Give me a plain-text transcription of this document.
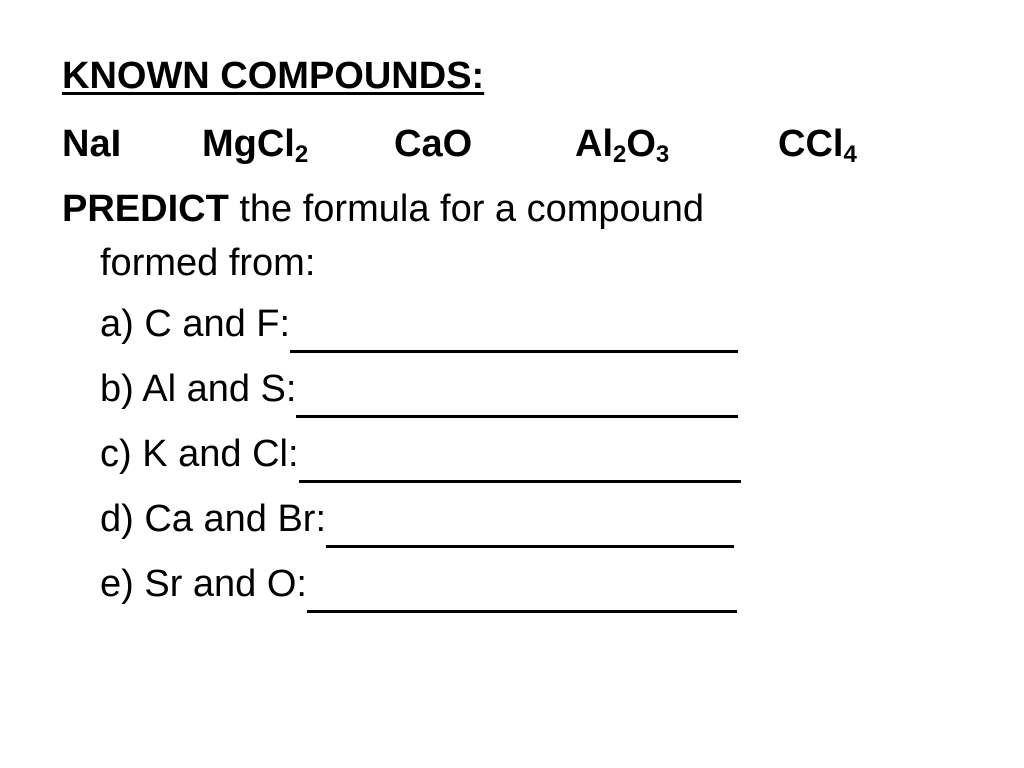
KNOWN COMPOUNDS:
NaI MgCl$_2$ CaO	$Al_2O_3$	CCl$_4$
PREDICT the formula for a compound
formed from:
a) C and F:
b) Al and S:
c) K and Cl:
d) Ca and Br:
e) Sr and O:
